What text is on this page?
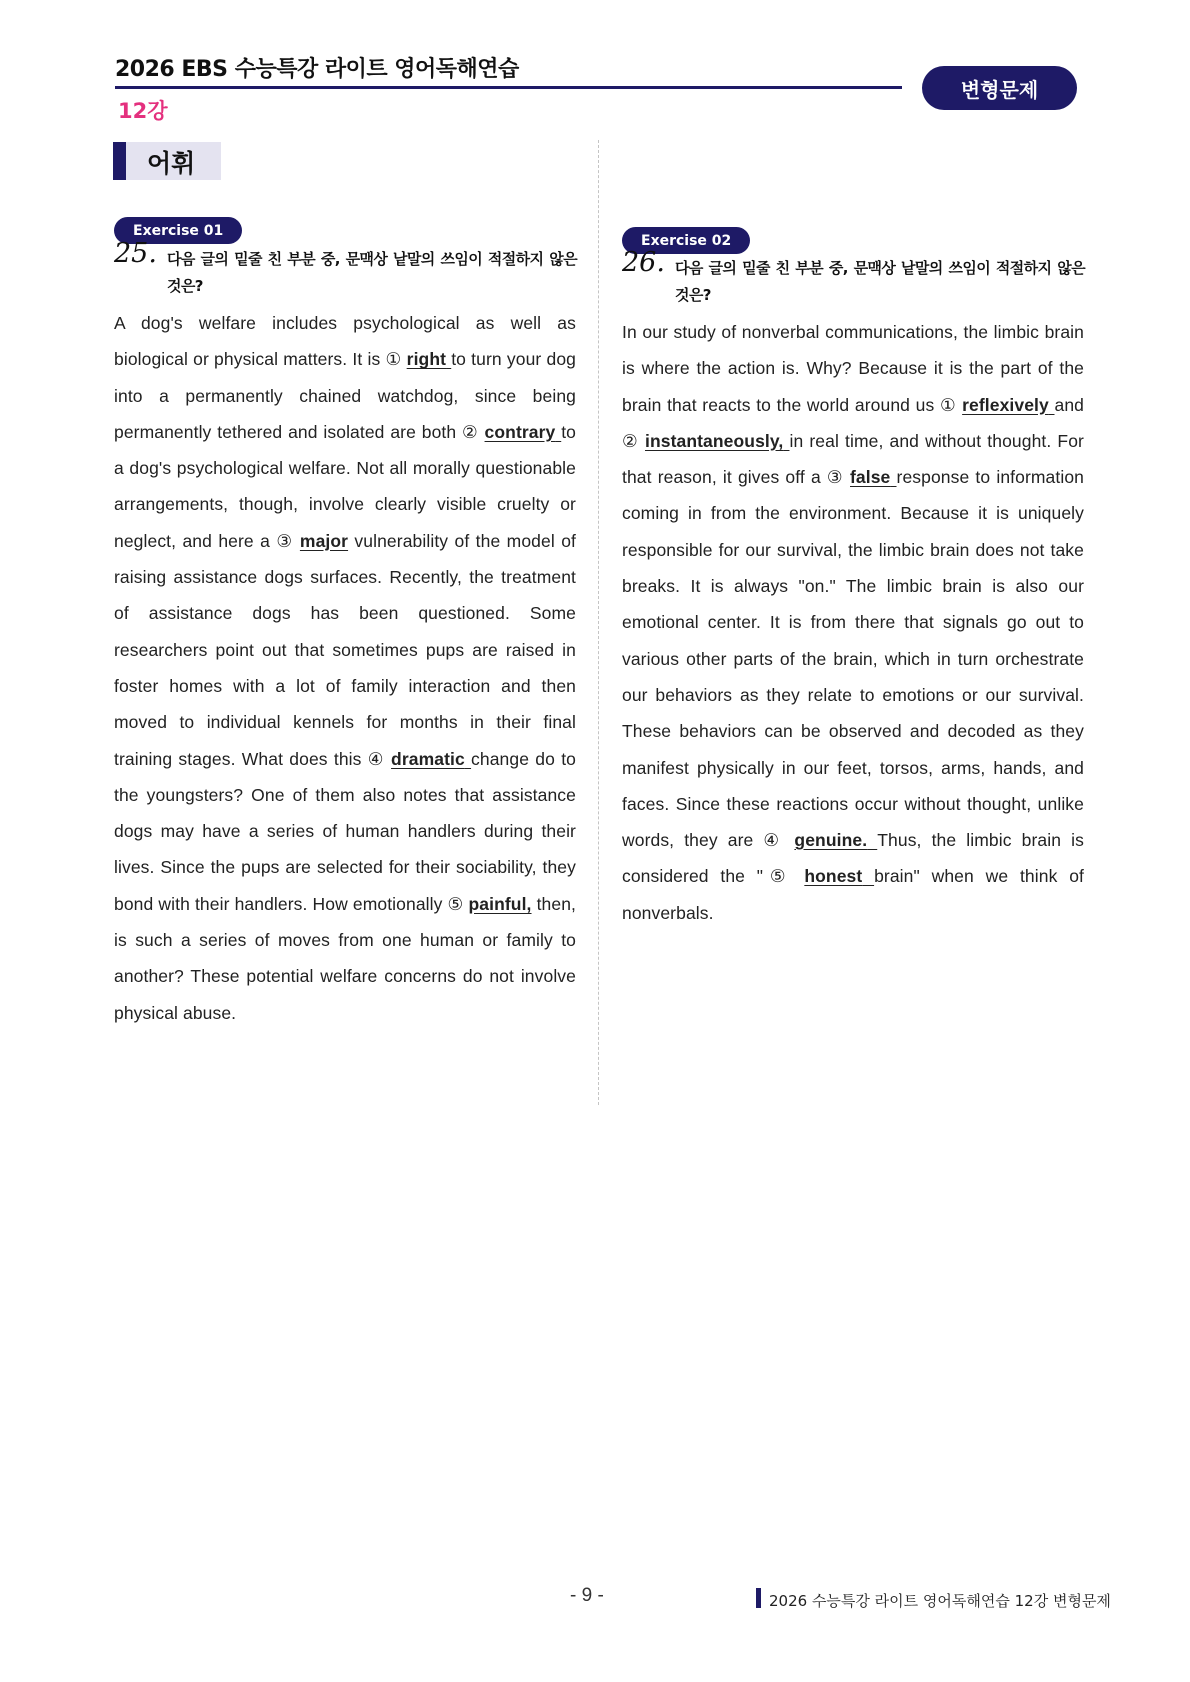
2026 EBS 수능특강 라이트 영어독해연습
12강
변형문제
어휘
Exercise 01
25. 다음 글의 밑줄 친 부분 중, 문맥상 낱말의 쓰임이 적절하지 않은 것은?
A dog's welfare includes psychological as well as biological or physical matters. It is ① right to turn your dog into a permanently chained watchdog, since being permanently tethered and isolated are both ② contrary to a dog's psychological welfare. Not all morally questionable arrangements, though, involve clearly visible cruelty or neglect, and here a ③ major vulnerability of the model of raising assistance dogs surfaces. Recently, the treatment of assistance dogs has been questioned. Some researchers point out that sometimes pups are raised in foster homes with a lot of family interaction and then moved to individual kennels for months in their final training stages. What does this ④ dramatic change do to the youngsters? One of them also notes that assistance dogs may have a series of human handlers during their lives. Since the pups are selected for their sociability, they bond with their handlers. How emotionally ⑤ painful, then, is such a series of moves from one human or family to another? These potential welfare concerns do not involve physical abuse.
Exercise 02
26. 다음 글의 밑줄 친 부분 중, 문맥상 낱말의 쓰임이 적절하지 않은 것은?
In our study of nonverbal communications, the limbic brain is where the action is. Why? Because it is the part of the brain that reacts to the world around us ① reflexively and ② instantaneously, in real time, and without thought. For that reason, it gives off a ③ false response to information coming in from the environment. Because it is uniquely responsible for our survival, the limbic brain does not take breaks. It is always "on." The limbic brain is also our emotional center. It is from there that signals go out to various other parts of the brain, which in turn orchestrate our behaviors as they relate to emotions or our survival. These behaviors can be observed and decoded as they manifest physically in our feet, torsos, arms, hands, and faces. Since these reactions occur without thought, unlike words, they are ④ genuine. Thus, the limbic brain is considered the "⑤ honest brain" when we think of nonverbals.
- 9 -	2026 수능특강 라이트 영어독해연습 12강 변형문제
